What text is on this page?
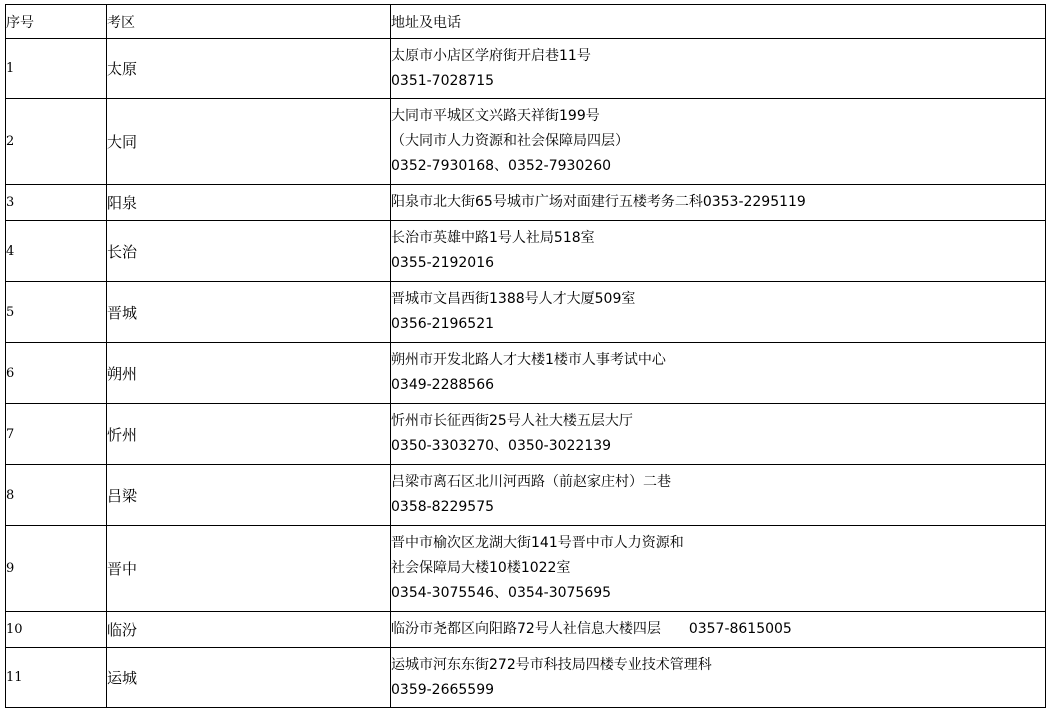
序号	考区	地址及电话
1	太原	太原市小店区学府街开启巷11号
0351-7028715

2	大同	大同市平城区文兴路天祥街199号
（大同市人力资源和社会保障局四层）
0352-7930168、0352-7930260

3	阳泉	阳泉市北大街65号城市广场对面建行五楼考务二科0353-2295119

4	长治	长治市英雄中路1号人社局518室
0355-2192016

5	晋城	晋城市文昌西街1388号人才大厦509室
0356-2196521

6	朔州	朔州市开发北路人才大楼1楼市人事考试中心
0349-2288566

7	忻州	忻州市长征西街25号人社大楼五层大厅
0350-3303270、0350-3022139

8	吕梁	吕梁市离石区北川河西路（前赵家庄村）二巷
0358-8229575

9	晋中	晋中市榆次区龙湖大街141号晋中市人力资源和
社会保障局大楼10楼1022室
0354-3075546、0354-3075695

10	临汾	临汾市尧都区向阳路72号人社信息大楼四层　　0357-8615005

11	运城	运城市河东东街272号市科技局四楼专业技术管理科
0359-2665599
